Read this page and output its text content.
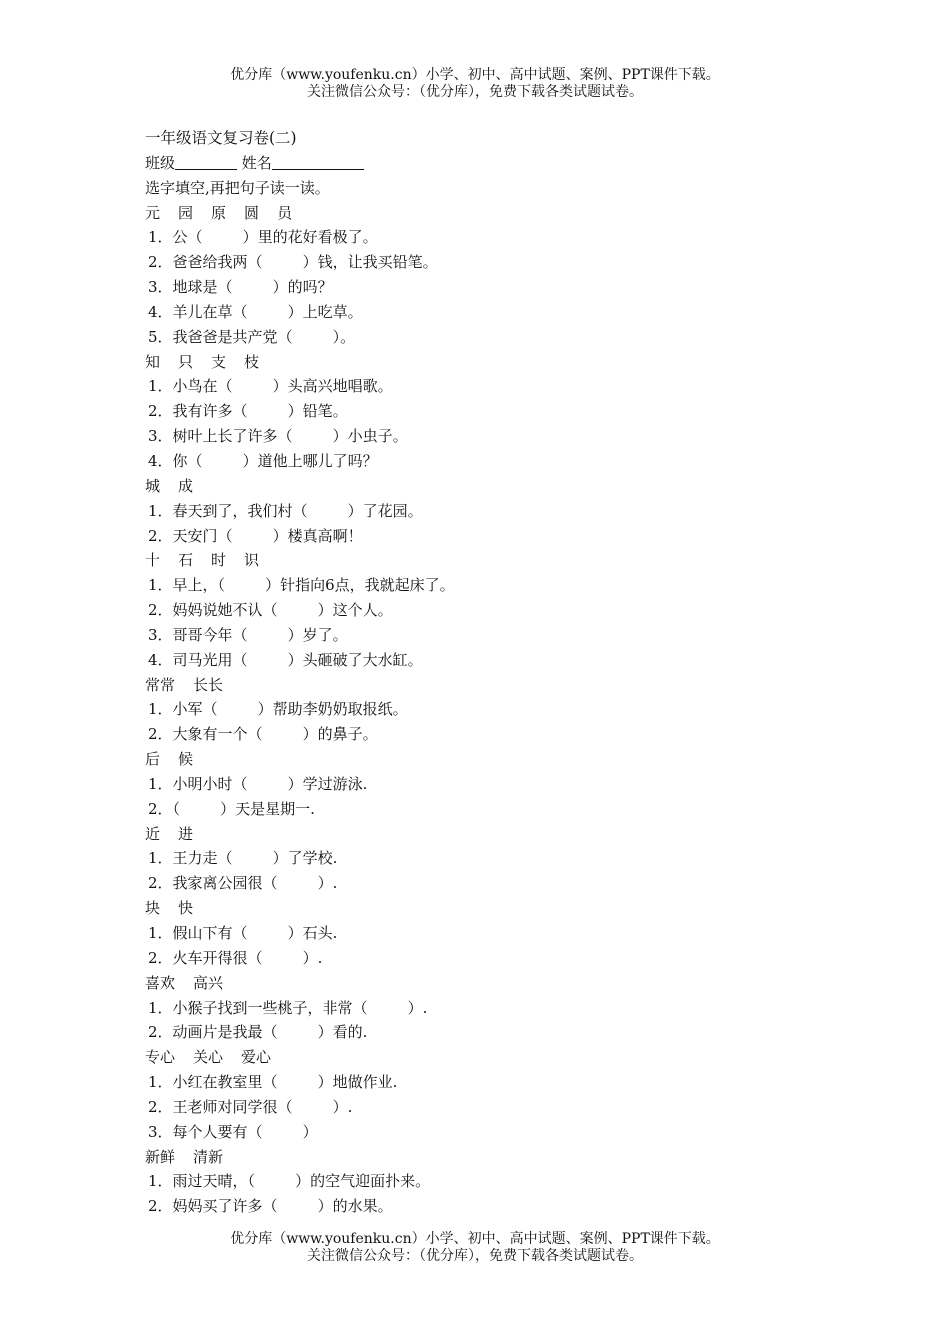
优分库（www.youfenku.cn）小学、初中、高中试题、案例、PPT课件下载。
关注微信公众号：（优分库），免费下载各类试题试卷。
一年级语文复习卷(二)
班级	姓名
选字填空,再把句子读一读。
元 园 原 圆 员
1．公（	）里的花好看极了。
2．爸爸给我两（	）钱，让我买铅笔。
3．地球是（	）的吗？
4．羊儿在草（	）上吃草。
5．我爸爸是共产党（	）。
知 只 支 枝
1．小鸟在（	）头高兴地唱歌。
2．我有许多（	）铅笔。
3．树叶上长了许多（	）小虫子。
4．你（	）道他上哪儿了吗？
城 成
1．春天到了，我们村（	）了花园。
2．天安门（	）楼真高啊！
十 石 时 识
1．早上，（	）针指向6点，我就起床了。
2．妈妈说她不认（	）这个人。
3．哥哥今年（	）岁了。
4．司马光用（	）头砸破了大水缸。
常常 长长
1．小军（	）帮助李奶奶取报纸。
2．大象有一个（	）的鼻子。
后 候
1．小明小时（	）学过游泳.
2．（	）天是星期一.
近 进
1．王力走（	）了学校.
2．我家离公园很（	）.
块 快
1．假山下有（	）石头.
2．火车开得很（	）.
喜欢 高兴
1．小猴子找到一些桃子，非常（	）.
2．动画片是我最（	）看的.
专心 关心 爱心
1．小红在教室里（	）地做作业.
2．王老师对同学很（	）.
3．每个人要有（	）
新鲜 清新
1．雨过天晴，（	）的空气迎面扑来。
2．妈妈买了许多（	）的水果。
优分库（www.youfenku.cn）小学、初中、高中试题、案例、PPT课件下载。
关注微信公众号：（优分库），免费下载各类试题试卷。
